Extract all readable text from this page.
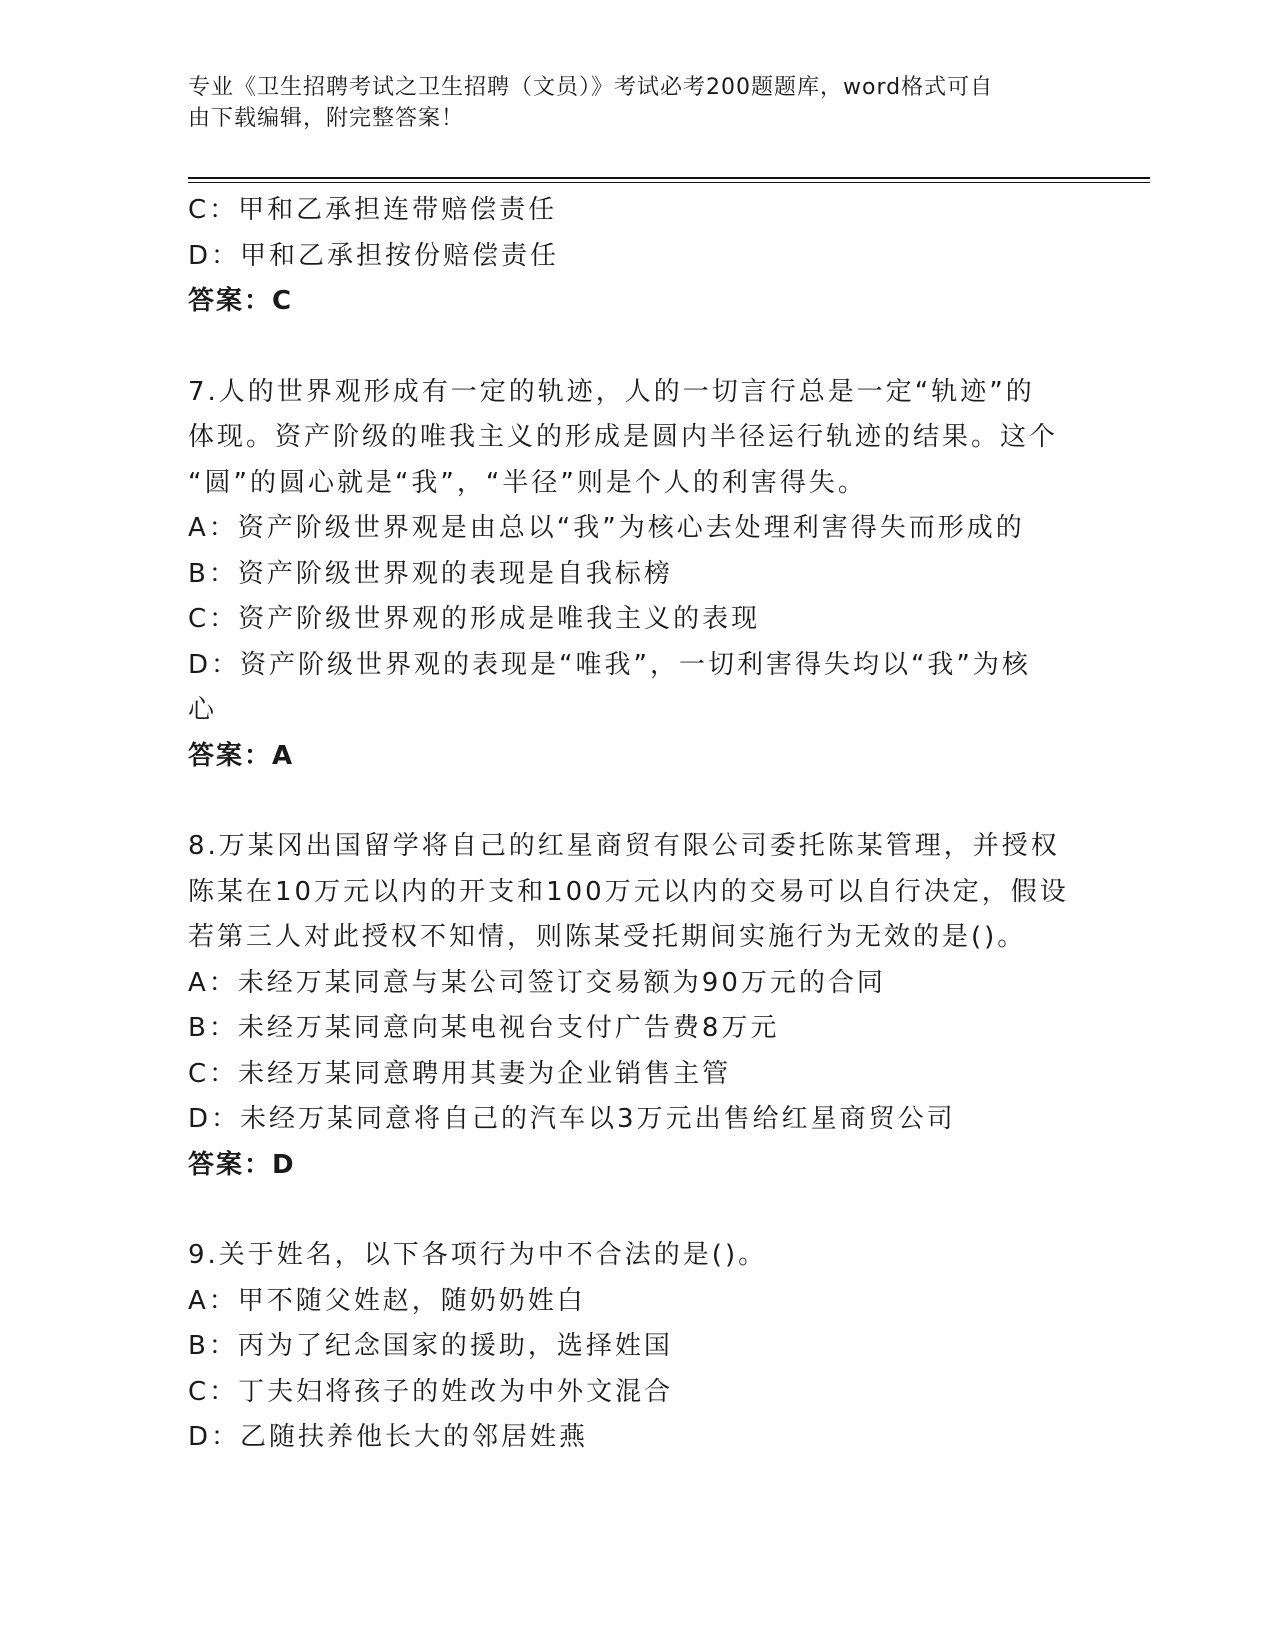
专业《卫生招聘考试之卫生招聘（文员）》考试必考200题题库，word格式可自
由下载编辑，附完整答案！
C：甲和乙承担连带赔偿责任
D：甲和乙承担按份赔偿责任
答案：C
7.人的世界观形成有一定的轨迹，人的一切言行总是一定“轨迹”的
体现。资产阶级的唯我主义的形成是圆内半径运行轨迹的结果。这个
“圆”的圆心就是“我”，“半径”则是个人的利害得失。
A：资产阶级世界观是由总以“我”为核心去处理利害得失而形成的
B：资产阶级世界观的表现是自我标榜
C：资产阶级世界观的形成是唯我主义的表现
D：资产阶级世界观的表现是“唯我”，一切利害得失均以“我”为核
心
答案：A
8.万某冈出国留学将自己的红星商贸有限公司委托陈某管理，并授权
陈某在10万元以内的开支和100万元以内的交易可以自行决定，假设
若第三人对此授权不知情，则陈某受托期间实施行为无效的是()。
A：未经万某同意与某公司签订交易额为90万元的合同
B：未经万某同意向某电视台支付广告费8万元
C：未经万某同意聘用其妻为企业销售主管
D：未经万某同意将自己的汽车以3万元出售给红星商贸公司
答案：D
9.关于姓名，以下各项行为中不合法的是()。
A：甲不随父姓赵，随奶奶姓白
B：丙为了纪念国家的援助，选择姓国
C：丁夫妇将孩子的姓改为中外文混合
D：乙随扶养他长大的邻居姓燕
